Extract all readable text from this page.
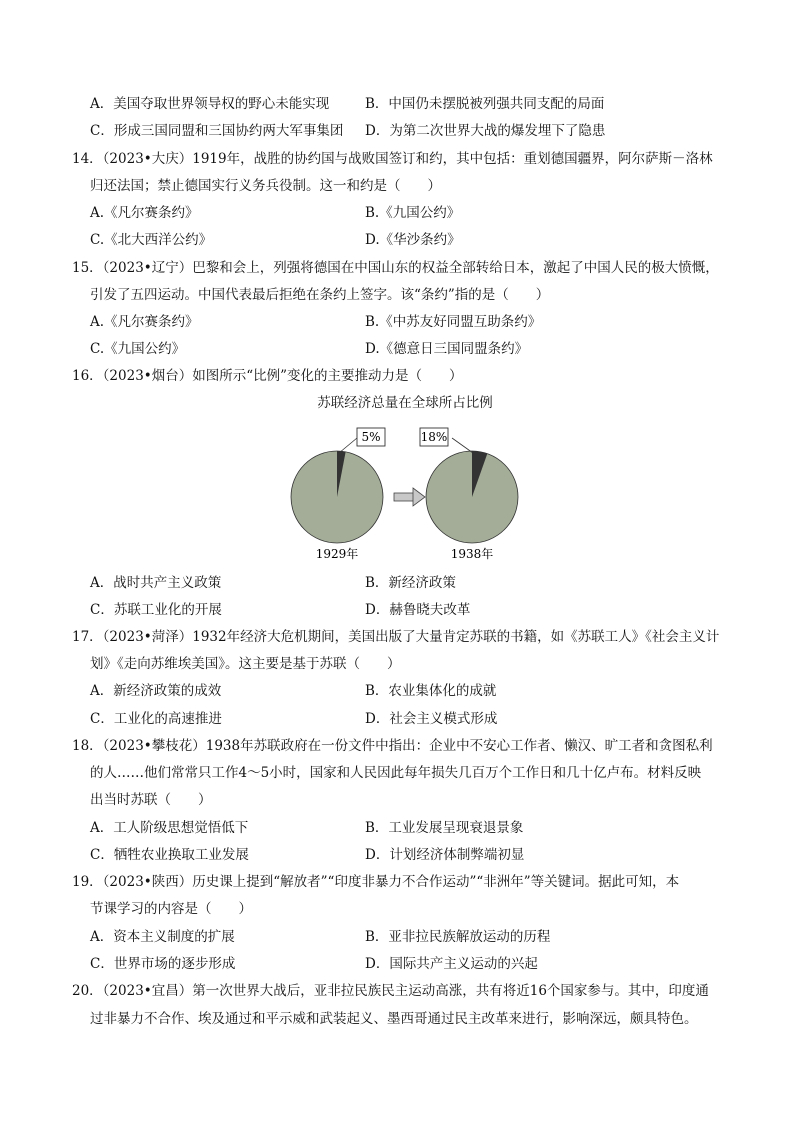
A．美国夺取世界领导权的野心未能实现	B．中国仍未摆脱被列强共同支配的局面
C．形成三国同盟和三国协约两大军事集团 D．为第二次世界大战的爆发埋下了隐患
14．（2023•大庆）1919年，战胜的协约国与战败国签订和约，其中包括：重划德国疆界，阿尔萨斯－洛林
归还法国；禁止德国实行义务兵役制。这一和约是（　　）
A.《凡尔赛条约》	B.《九国公约》
C.《北大西洋公约》	D.《华沙条约》
15．（2023•辽宁）巴黎和会上，列强将德国在中国山东的权益全部转给日本，激起了中国人民的极大愤慨，
引发了五四运动。中国代表最后拒绝在条约上签字。该“条约”指的是（　　）
A.《凡尔赛条约》	B.《中苏友好同盟互助条约》
C.《九国公约》	D.《德意日三国同盟条约》
16．（2023•烟台）如图所示“比例”变化的主要推动力是（　　）
苏联经济总量在全球所占比例
5%
1929年
18%
1938年
A．战时共产主义政策	B．新经济政策
C．苏联工业化的开展	D．赫鲁晓夫改革
17．（2023•菏泽）1932年经济大危机期间，美国出版了大量肯定苏联的书籍，如《苏联工人》《社会主义计
划》《走向苏维埃美国》。这主要是基于苏联（　　）
A．新经济政策的成效	B．农业集体化的成就
C．工业化的高速推进	D．社会主义模式形成
18．（2023•攀枝花）1938年苏联政府在一份文件中指出：企业中不安心工作者、懒汉、旷工者和贪图私利
的人……他们常常只工作4～5小时，国家和人民因此每年损失几百万个工作日和几十亿卢布。材料反映
出当时苏联（　　）
A．工人阶级思想觉悟低下	B．工业发展呈现衰退景象
C．牺牲农业换取工业发展	D．计划经济体制弊端初显
19．（2023•陕西）历史课上提到“解放者”“印度非暴力不合作运动”“非洲年”等关键词。据此可知，本
节课学习的内容是（　　）
A．资本主义制度的扩展	B．亚非拉民族解放运动的历程
C．世界市场的逐步形成	D．国际共产主义运动的兴起
20．（2023•宜昌）第一次世界大战后，亚非拉民族民主运动高涨，共有将近16个国家参与。其中，印度通
过非暴力不合作、埃及通过和平示威和武装起义、墨西哥通过民主改革来进行，影响深远，颇具特色。
